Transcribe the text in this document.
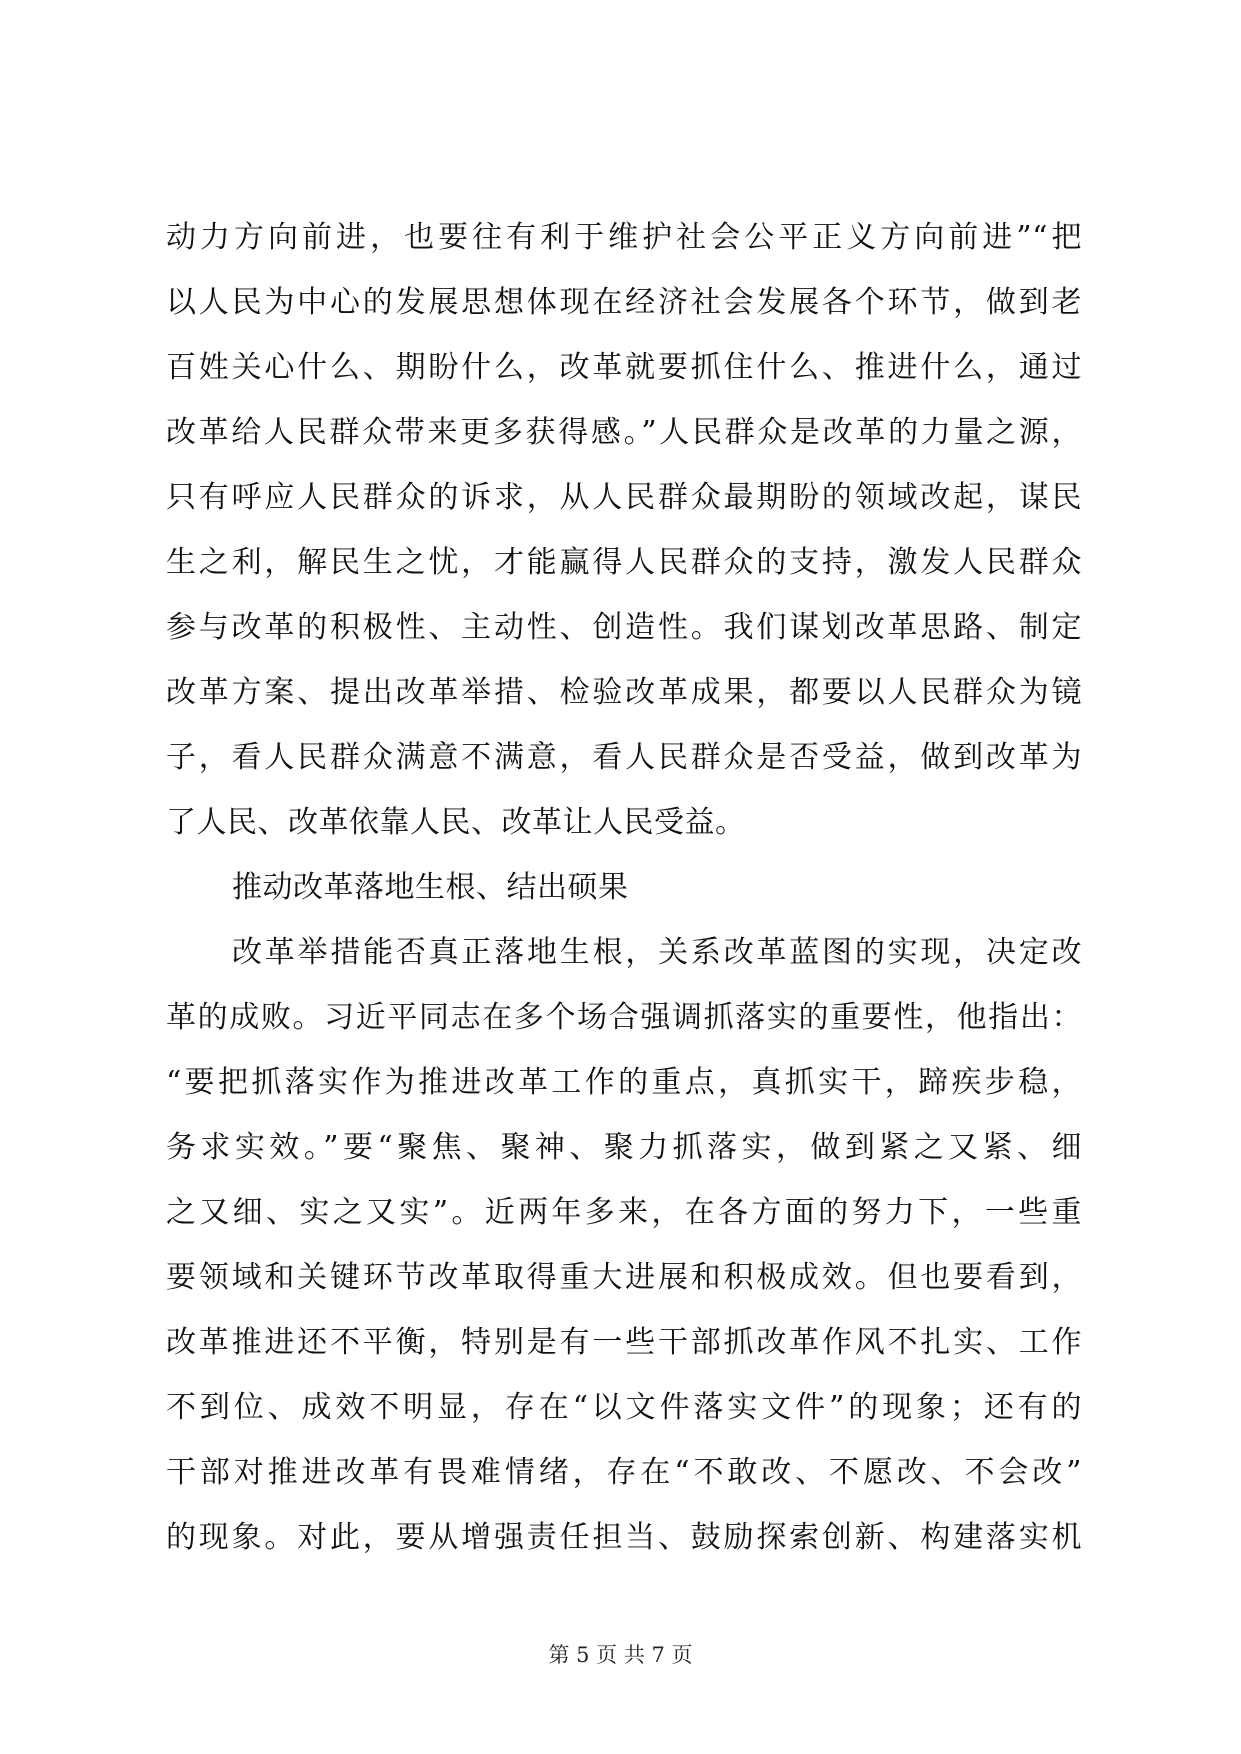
动力方向前进，也要往有利于维护社会公平正义方向前进”“把
以人民为中心的发展思想体现在经济社会发展各个环节，做到老
百姓关心什么、期盼什么，改革就要抓住什么、推进什么，通过
改革给人民群众带来更多获得感。”人民群众是改革的力量之源，
只有呼应人民群众的诉求，从人民群众最期盼的领域改起，谋民
生之利，解民生之忧，才能赢得人民群众的支持，激发人民群众
参与改革的积极性、主动性、创造性。我们谋划改革思路、制定
改革方案、提出改革举措、检验改革成果，都要以人民群众为镜
子，看人民群众满意不满意，看人民群众是否受益，做到改革为
了人民、改革依靠人民、改革让人民受益。
推动改革落地生根、结出硕果
改革举措能否真正落地生根，关系改革蓝图的实现，决定改
革的成败。习近平同志在多个场合强调抓落实的重要性，他指出：
“要把抓落实作为推进改革工作的重点，真抓实干，蹄疾步稳，
务求实效。”要“聚焦、聚神、聚力抓落实，做到紧之又紧、细
之又细、实之又实”。近两年多来，在各方面的努力下，一些重
要领域和关键环节改革取得重大进展和积极成效。但也要看到，
改革推进还不平衡，特别是有一些干部抓改革作风不扎实、工作
不到位、成效不明显，存在“以文件落实文件”的现象；还有的
干部对推进改革有畏难情绪，存在“不敢改、不愿改、不会改”
的现象。对此，要从增强责任担当、鼓励探索创新、构建落实机
第 5 页 共 7 页
